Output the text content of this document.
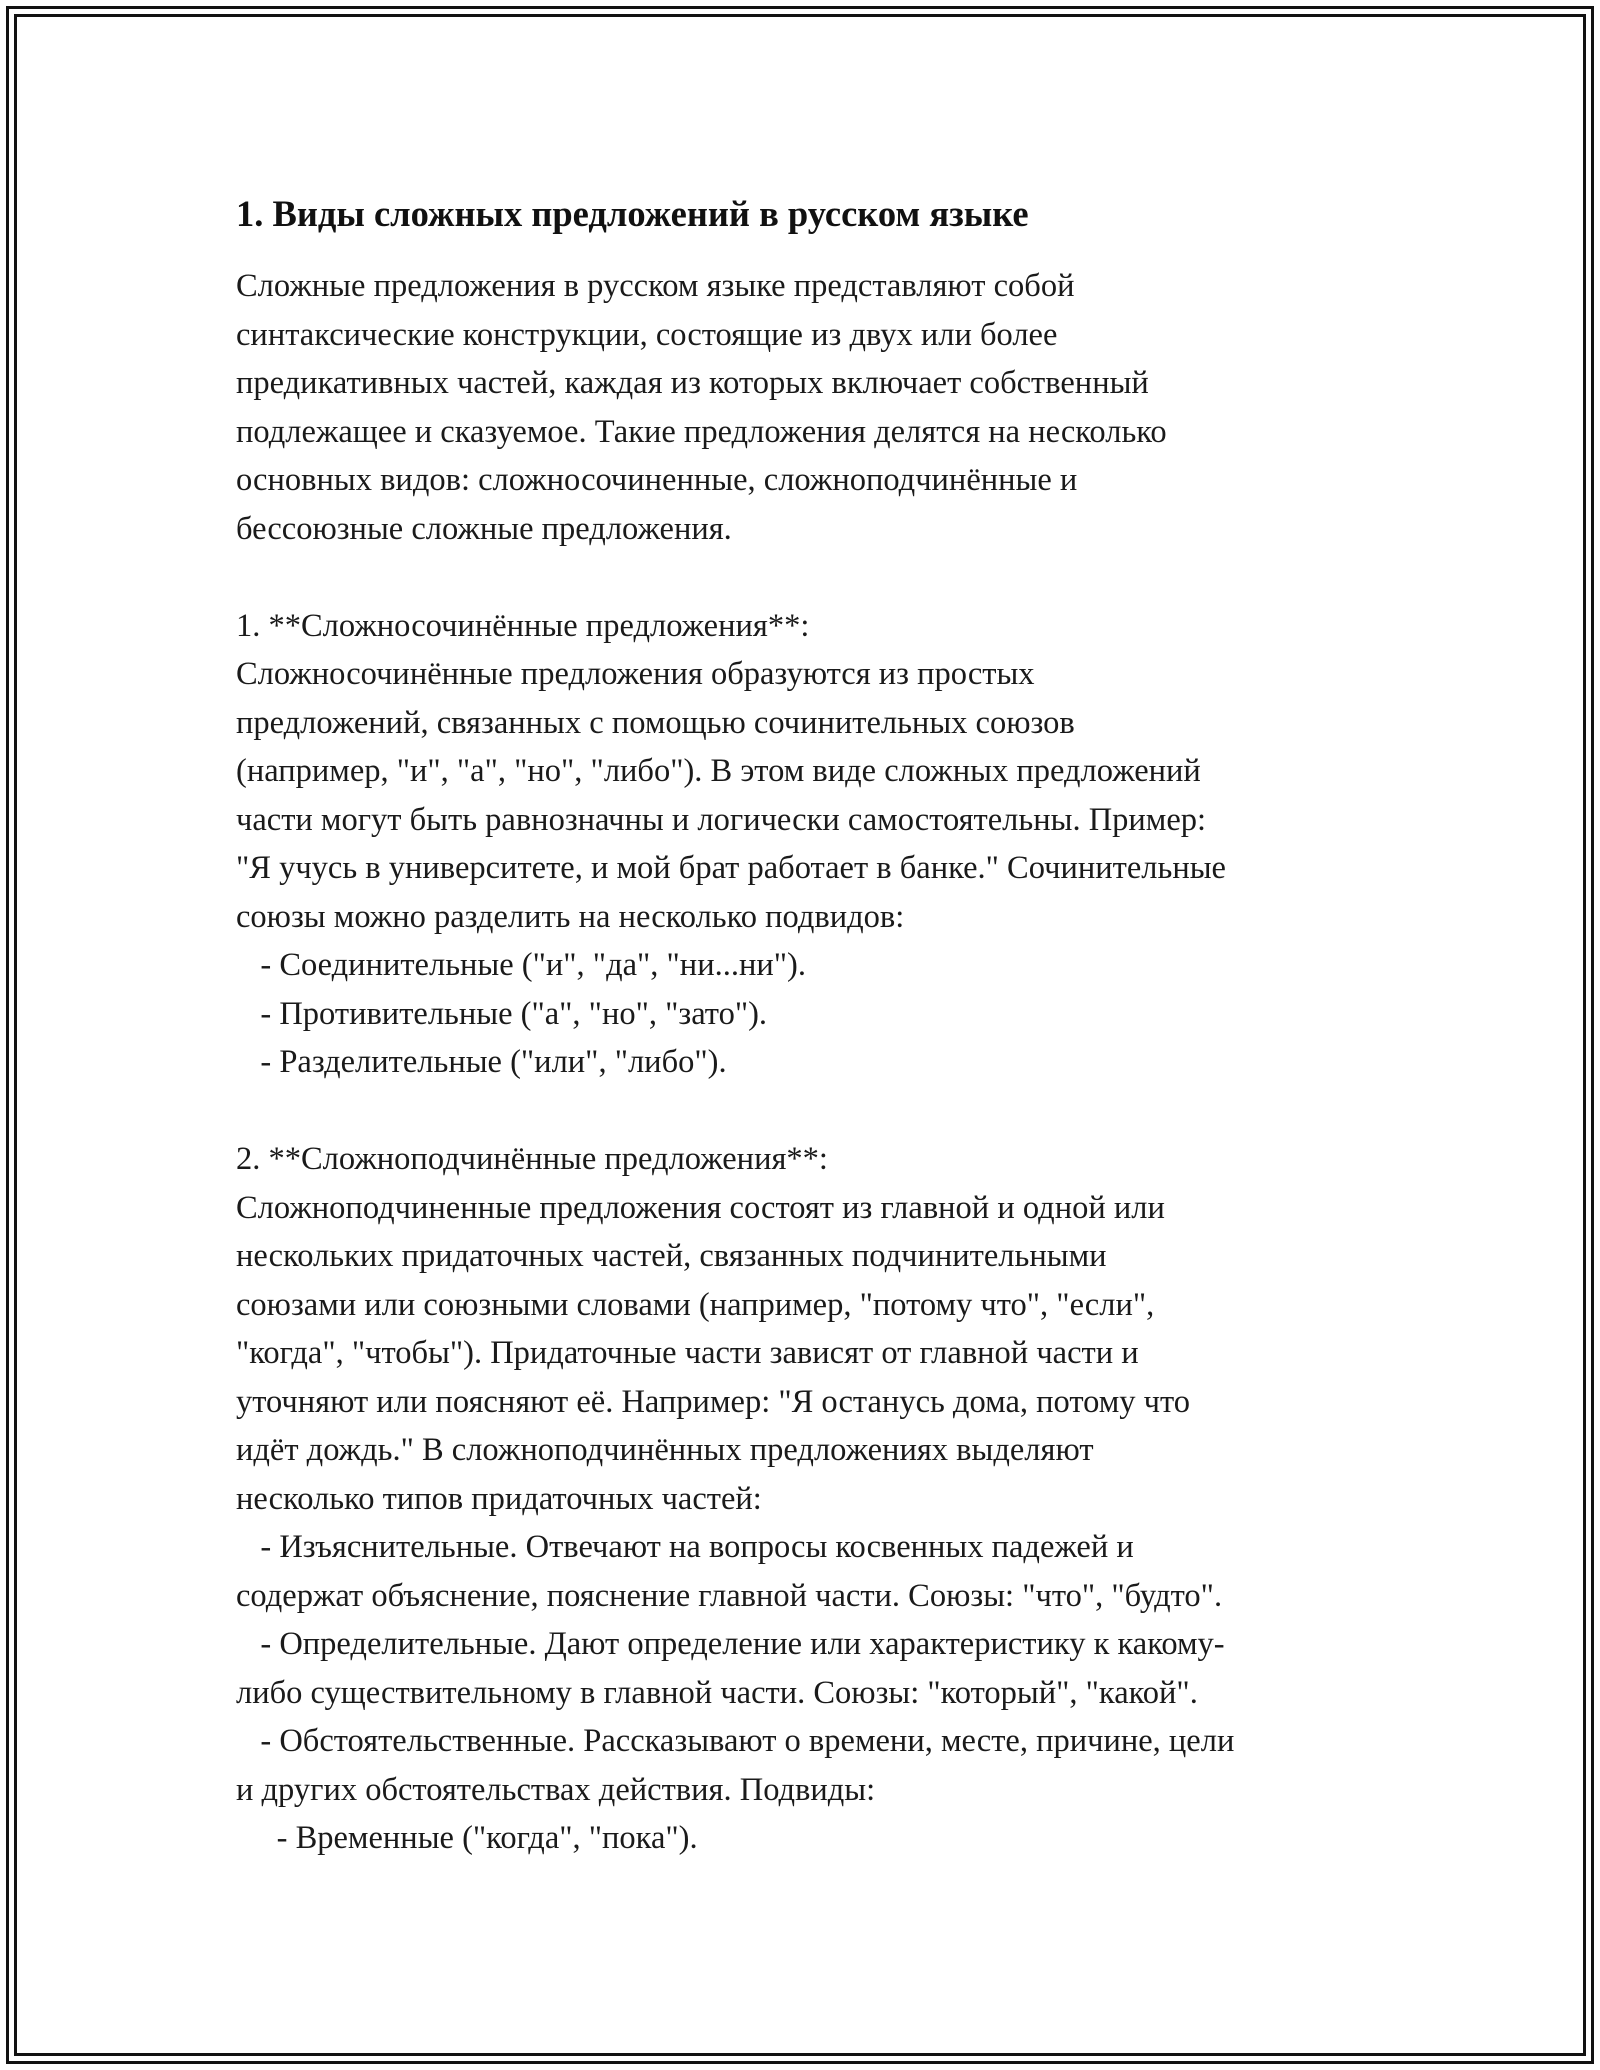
1. Виды сложных предложений в русском языке
Сложные предложения в русском языке представляют собой
синтаксические конструкции, состоящие из двух или более
предикативных частей, каждая из которых включает собственный
подлежащее и сказуемое. Такие предложения делятся на несколько
основных видов: сложносочиненные, сложноподчинённые и
бессоюзные сложные предложения.
1. **Сложносочинённые предложения**:
Сложносочинённые предложения образуются из простых
предложений, связанных с помощью сочинительных союзов
(например, "и", "а", "но", "либо"). В этом виде сложных предложений
части могут быть равнозначны и логически самостоятельны. Пример:
"Я учусь в университете, и мой брат работает в банке." Сочинительные
союзы можно разделить на несколько подвидов:
- Соединительные ("и", "да", "ни...ни").
- Противительные ("а", "но", "зато").
- Разделительные ("или", "либо").
2. **Сложноподчинённые предложения**:
Сложноподчиненные предложения состоят из главной и одной или
нескольких придаточных частей, связанных подчинительными
союзами или союзными словами (например, "потому что", "если",
"когда", "чтобы"). Придаточные части зависят от главной части и
уточняют или поясняют её. Например: "Я останусь дома, потому что
идёт дождь." В сложноподчинённых предложениях выделяют
несколько типов придаточных частей:
- Изъяснительные. Отвечают на вопросы косвенных падежей и
содержат объяснение, пояснение главной части. Союзы: "что", "будто".
- Определительные. Дают определение или характеристику к какому-
либо существительному в главной части. Союзы: "который", "какой".
- Обстоятельственные. Рассказывают о времени, месте, причине, цели
и других обстоятельствах действия. Подвиды:
- Временные ("когда", "пока").
